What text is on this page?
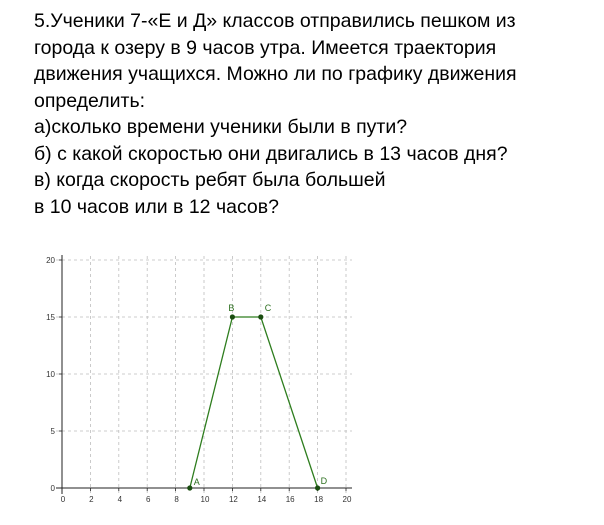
5.Ученики 7-«Е и Д» классов отправились пешком из
города к озеру в 9 часов утра. Имеется траектория
движения учащихся. Можно ли по графику движения
определить:
а)сколько времени ученики были в пути?
б) с какой скоростью они двигались в 13 часов дня?
в) когда скорость ребят была большей
в 10 часов или в 12 часов?
0	2	4	6	8	10 12 14 16 18 20
0
5
10
15
20
A
B	C
D
